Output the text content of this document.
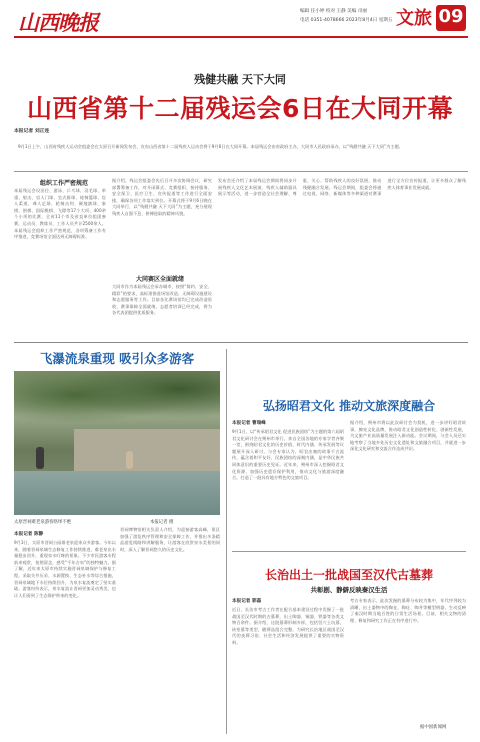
山西晚报	编辑 任小婷 校对 王静 美编 司丽
电话 0351-4078666 2023年8月4日 星期五 文旅 09
残健共融 天下大同
山西省第十二届残运会6日在大同开幕
本报记者 刘正连
9月1日上午，山西省残疾人运动会组委会在太原召开新闻发布会，宣布山西省第十二届残疾人运动会将于9月6日在大同开幕。本届残运会由省政府主办，大同市人民政府承办，以“残健共融 天下大同”为主题。
组织工作严密规范
本届残运会设田径、游泳、乒乓球、羽毛球、举重、射击、盲人门球、坐式排球、轮椅篮球、盲人柔道、聋人足球、轮椅击剑、硬地滚球、象棋、围棋、国际跳棋、飞镖等17个大项、400余个小项的比赛，全省11个市及省直单位组团参赛，运动员、教练员、工作人员共计2500余人。本届残运会组织工作严密规范，各项筹备工作有序推进，竞赛场馆全面达到无障碍标准。
据介绍，残运会组委会先后召开多次协调会议，研究部署筹备工作，对开闭幕式、竞赛组织、接待服务、安全保卫、医疗卫生、宣传报道等工作进行全面安排，确保各项工作落实到位。开幕式将于9月6日晚在大同举行，以“残健共融 天下大同”为主题，充分展现残疾人自强不息、拼搏进取的精神风貌。
大同赛区全面就绪
大同市作为本届残运会承办城市，按照“简约、安全、精彩”的要求，高标准推进场馆改造、无障碍设施建设和志愿服务等工作。目前各比赛场馆均已完成改造验收，赛事保障全面就绪，志愿者培训已经完成，将为各代表团提供优质服务。
发布会还介绍了本届残运会期间将同步开展残疾人文化艺术展演、残疾人辅助器具展示等活动，进一步营造全社会理解、尊重、关心、帮助残疾人的良好氛围，推动残健融合发展。残运会期间，组委会将通过电视、网络、新媒体等多种渠道对赛事进行全方位宣传报道，让更多群众了解残疾人体育事业发展成就。
飞瀑流泉重现 吸引众多游客
太原晋祠难老泉游客络绎不绝	本报记者 摄
本报记者 陈静
9月3日，太原市晋祠公园难老泉迎来众多游客。今年以来，随着晋祠泉域生态修复工作持续推进，难老泉出水量稳步回升，重现泉水叮咚的景象。不少市民游客专程前来观赏，拍照留念，感受“千年古泉”的独特魅力。据了解，近年来太原市持续实施晋祠泉域保护与修复工程，采取关井压采、水源置换、生态补水等综合措施，晋祠泉域地下水位持续回升，为泉水复流奠定了坚实基础。游客纷纷表示，泉水复流让晋祠更加灵动秀美，也让人们看到了生态保护带来的变化。
晋祠博物馆相关负责人介绍，为迎接游客高峰，景区加强了游览秩序管理和安全保障工作，并推出多条精品游览线路和讲解服务，让游客在欣赏泉水美景的同时，深入了解晋祠悠久的历史文化。
弘扬昭君文化 推动文旅深度融合
本报记者 曹瑞峰
9月1日，以“传承昭君文化 促进民族团结”为主题的第六届昭君文化研讨会在朔州市举行。来自全国各地的专家学者齐聚一堂，围绕昭君文化的历史价值、时代内涵、传承发展等议题展开深入研讨。与会专家认为，昭君出塞的故事千古流传，蕴含着和平友好、民族团结的深刻内涵，是中华民族共同体意识的重要历史见证。近年来，朔州市深入挖掘昭君文化资源，加强历史遗存保护利用，推动文化与旅游深度融合，打造了一批具有地方特色的文旅项目。
据介绍，朔州市将以此次研讨会为契机，进一步讲好昭君故事，擦亮文化品牌，推动昭君文化创造性转化、创新性发展，为文旅产业高质量发展注入新动能。会议期间，与会人员还实地考察了当地多处历史文化遗址和文旅融合项目，并就进一步深化文化研究和交流合作达成共识。
长治出土一批战国至汉代古墓葬
共彰剧、静僻反映秦汉生活
本报记者 郭磊
近日，长治市考古工作者在配合基本建设过程中发掘了一批战国至汉代时期的古墓葬，出土陶器、铜器、铁器等各类文物百余件。据介绍，这批墓葬形制多样，包括竖穴土坑墓、砖室墓等类型，随葬品组合完整，为研究长治地区战国至汉代的丧葬习俗、社会生活和经济发展提供了重要的实物资料。
考古专家表示，此次发掘的墓葬分布较为集中，年代序列较为清晰，出土器物中的陶仓、陶灶、陶井等模型明器，生动反映了秦汉时期当地百姓的日常生活场景。目前，相关文物的清理、修复和研究工作正在有序进行中。
据中国新闻网
